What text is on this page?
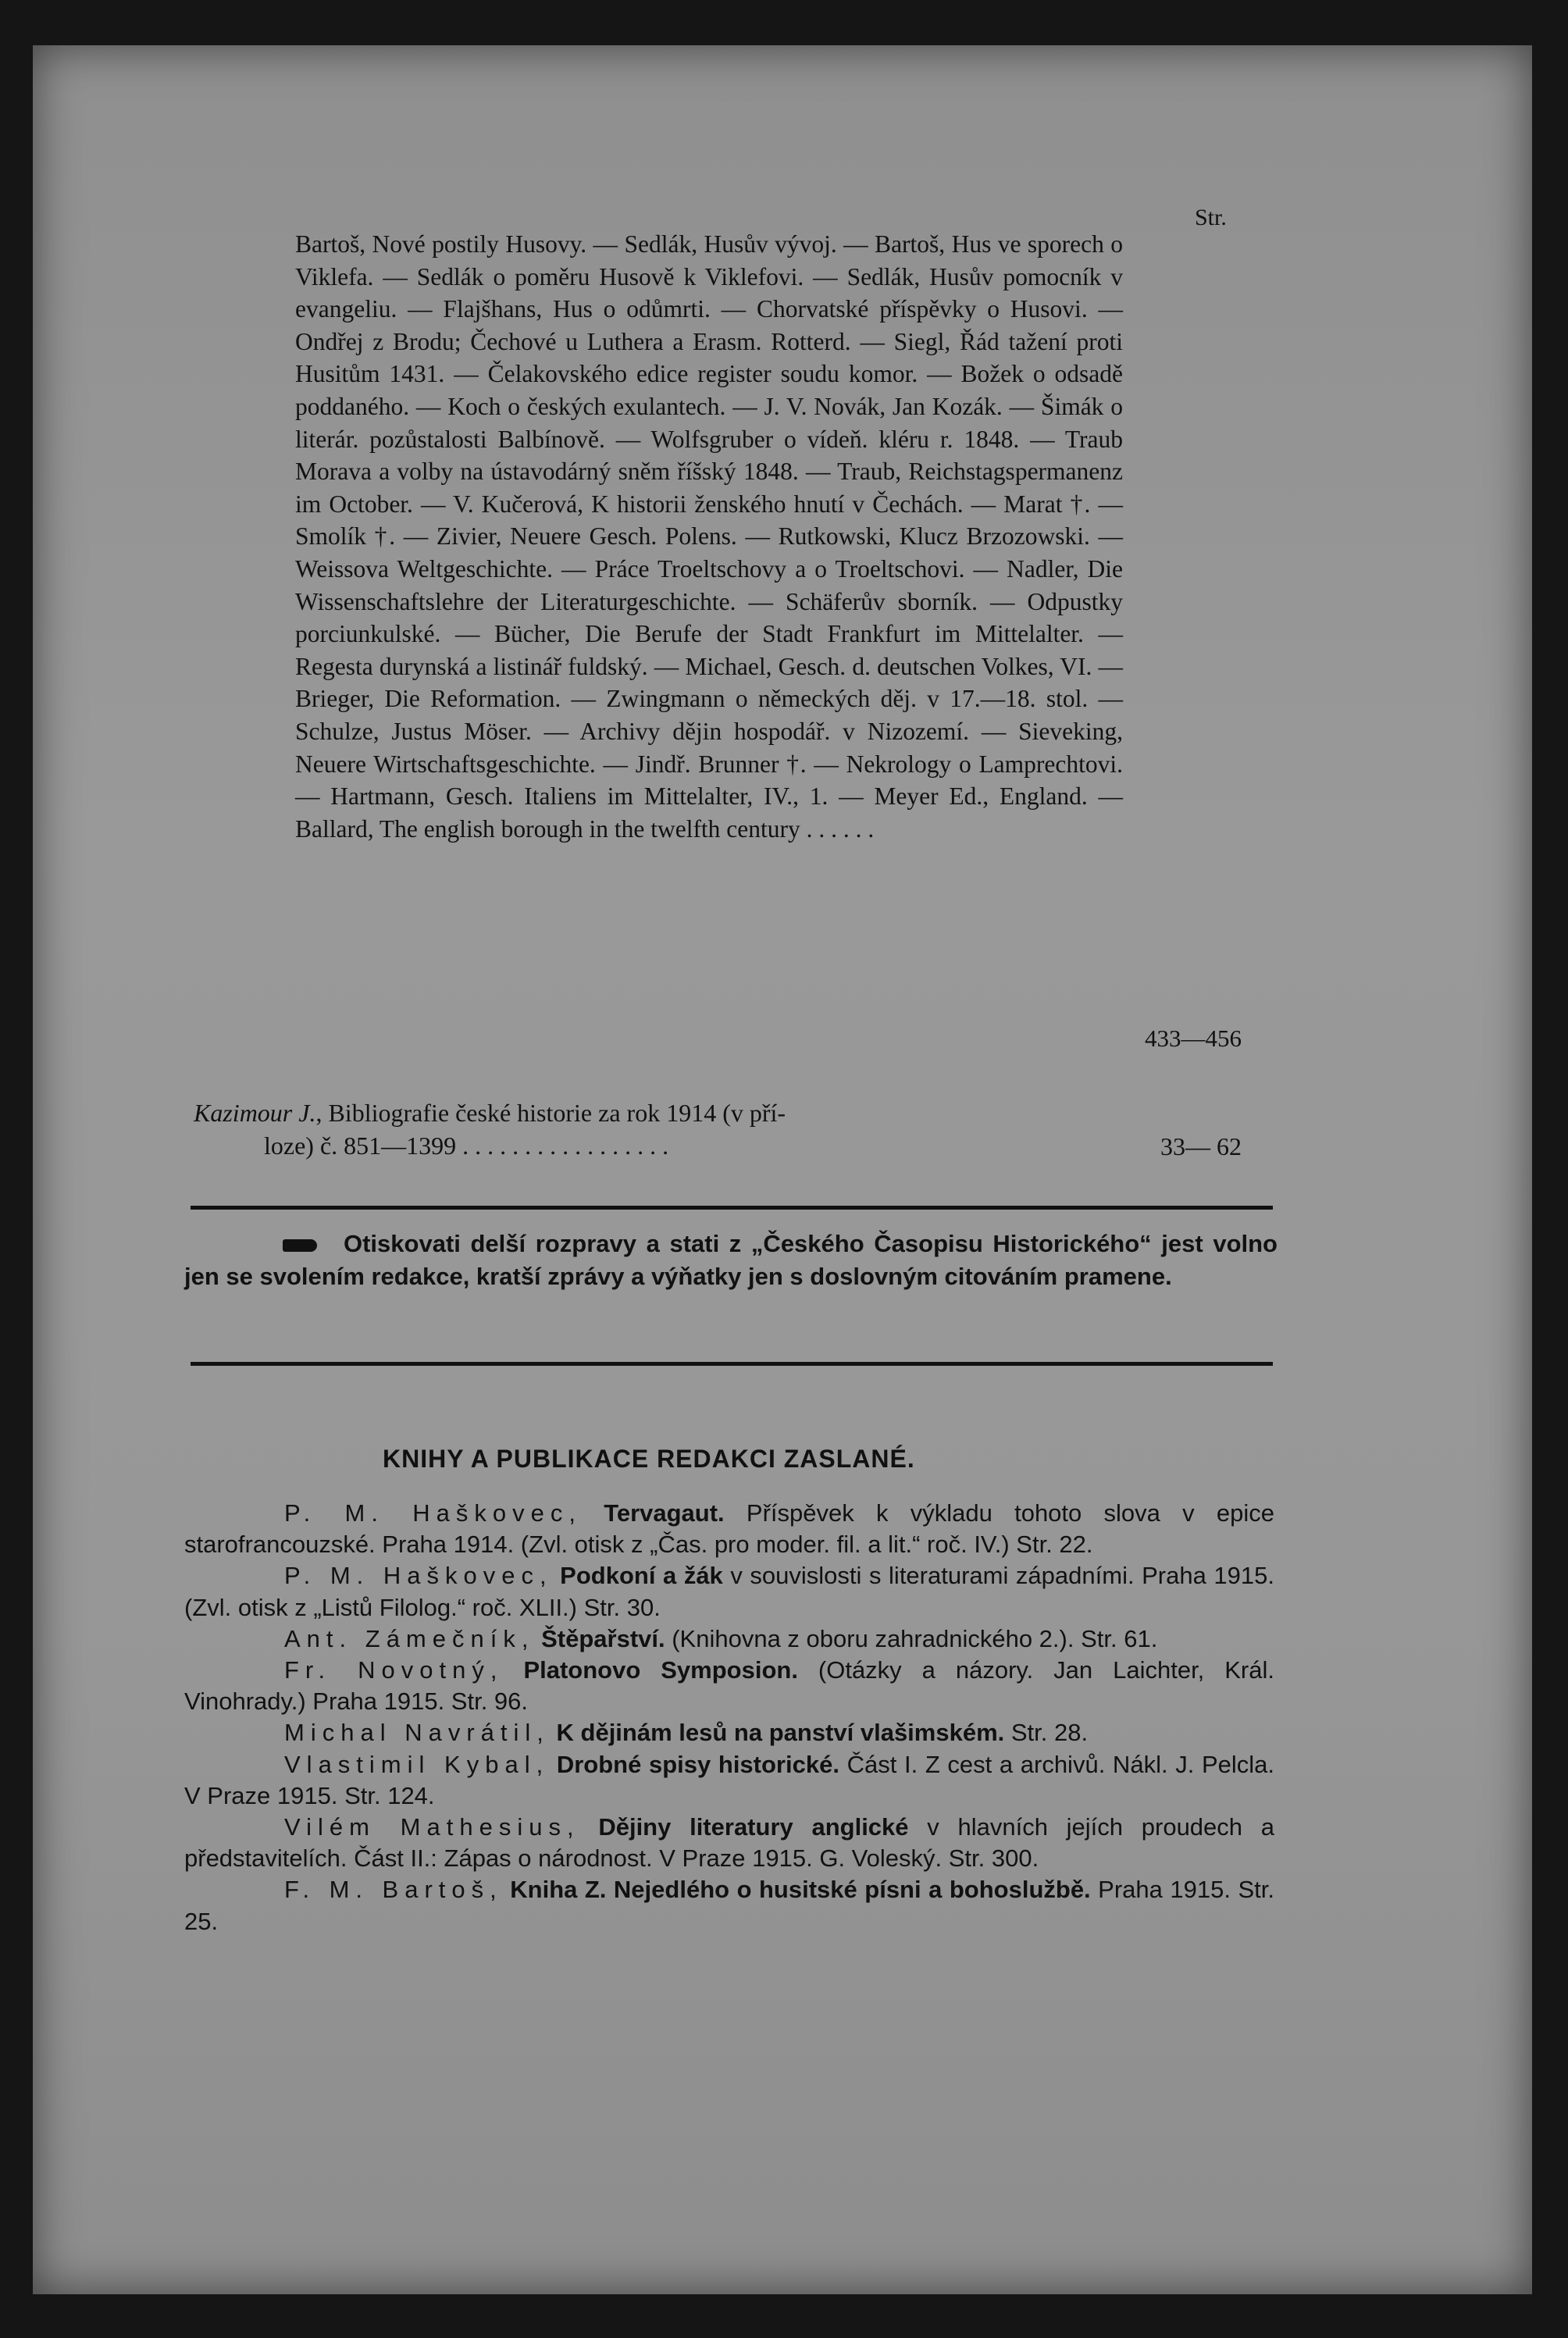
Str.
Bartoš, Nové postily Husovy. — Sedlák, Husův vývoj. — Bartoš, Hus ve sporech o Viklefa. — Sedlák o poměru Husově k Viklefovi. — Sedlák, Husův pomocník v evangeliu. — Flajšhans, Hus o odůmrti. — Chorvatské příspěvky o Husovi. — Ondřej z Brodu; Čechové u Luthera a Erasm. Rotterd. — Siegl, Řád tažení proti Husitům 1431. — Čelakovského edice register soudu komor. — Božek o odsadě poddaného. — Koch o českých exulantech. — J. V. Novák, Jan Kozák. — Šimák o literár. pozůstalosti Balbínově. — Wolfsgruber o vídeň. kléru r. 1848. — Traub Morava a volby na ústavodárný sněm říšský 1848. — Traub, Reichstagspermanenz im October. — V. Kučerová, K historii ženského hnutí v Čechách. — Marat †. — Smolík †. — Zivier, Neuere Gesch. Polens. — Rutkowski, Klucz Brzozowski. — Weissova Weltgeschichte. — Práce Troeltschovy a o Troeltschovi. — Nadler, Die Wissenschaftslehre der Literaturgeschichte. — Schäferův sborník. — Odpustky porciunkulské. — Bücher, Die Berufe der Stadt Frankfurt im Mittelalter. — Regesta durynská a listinář fuldský. — Michael, Gesch. d. deutschen Volkes, VI. — Brieger, Die Reformation. — Zwingmann o německých děj. v 17.—18. stol. — Schulze, Justus Möser. — Archivy dějin hospodář. v Nizozemí. — Sieveking, Neuere Wirtschaftsgeschichte. — Jindř. Brunner †. — Nekrology o Lamprechtovi. — Hartmann, Gesch. Italiens im Mittelalter, IV., 1. — Meyer Ed., England. — Ballard, The english borough in the twelfth century . . . . . .
433—456
Kazimour J., Bibliografie české historie za rok 1914 (v pří-
loze) č. 851—1399 . . . . . . . . . . . . . . . . .	33— 62
Otiskovati delší rozpravy a stati z „Českého Časopisu Historického“ jest volno jen se svolením redakce, kratší zprávy a výňatky jen s doslovným citováním pramene.
KNIHY A PUBLIKACE REDAKCI ZASLANÉ.
P. M. Haškovec, Tervagaut. Příspěvek k výkladu tohoto slova v epice starofrancouzské. Praha 1914. (Zvl. otisk z „Čas. pro moder. fil. a lit.“ roč. IV.) Str. 22.
P. M. Haškovec, Podkoní a žák v souvislosti s literaturami západními. Praha 1915. (Zvl. otisk z „Listů Filolog.“ roč. XLII.) Str. 30.
Ant. Zámečník, Štěpařství. (Knihovna z oboru zahradnického 2.). Str. 61.
Fr. Novotný, Platonovo Symposion. (Otázky a názory. Jan Laichter, Král. Vinohrady.) Praha 1915. Str. 96.
Michal Navrátil, K dějinám lesů na panství vlašimském. Str. 28.
Vlastimil Kybal, Drobné spisy historické. Část I. Z cest a archivů. Nákl. J. Pelcla. V Praze 1915. Str. 124.
Vilém Mathesius, Dějiny literatury anglické v hlavních jejích proudech a představitelích. Část II.: Zápas o národnost. V Praze 1915. G. Voleský. Str. 300.
F. M. Bartoš, Kniha Z. Nejedlého o husitské písni a bohoslužbě. Praha 1915. Str. 25.
